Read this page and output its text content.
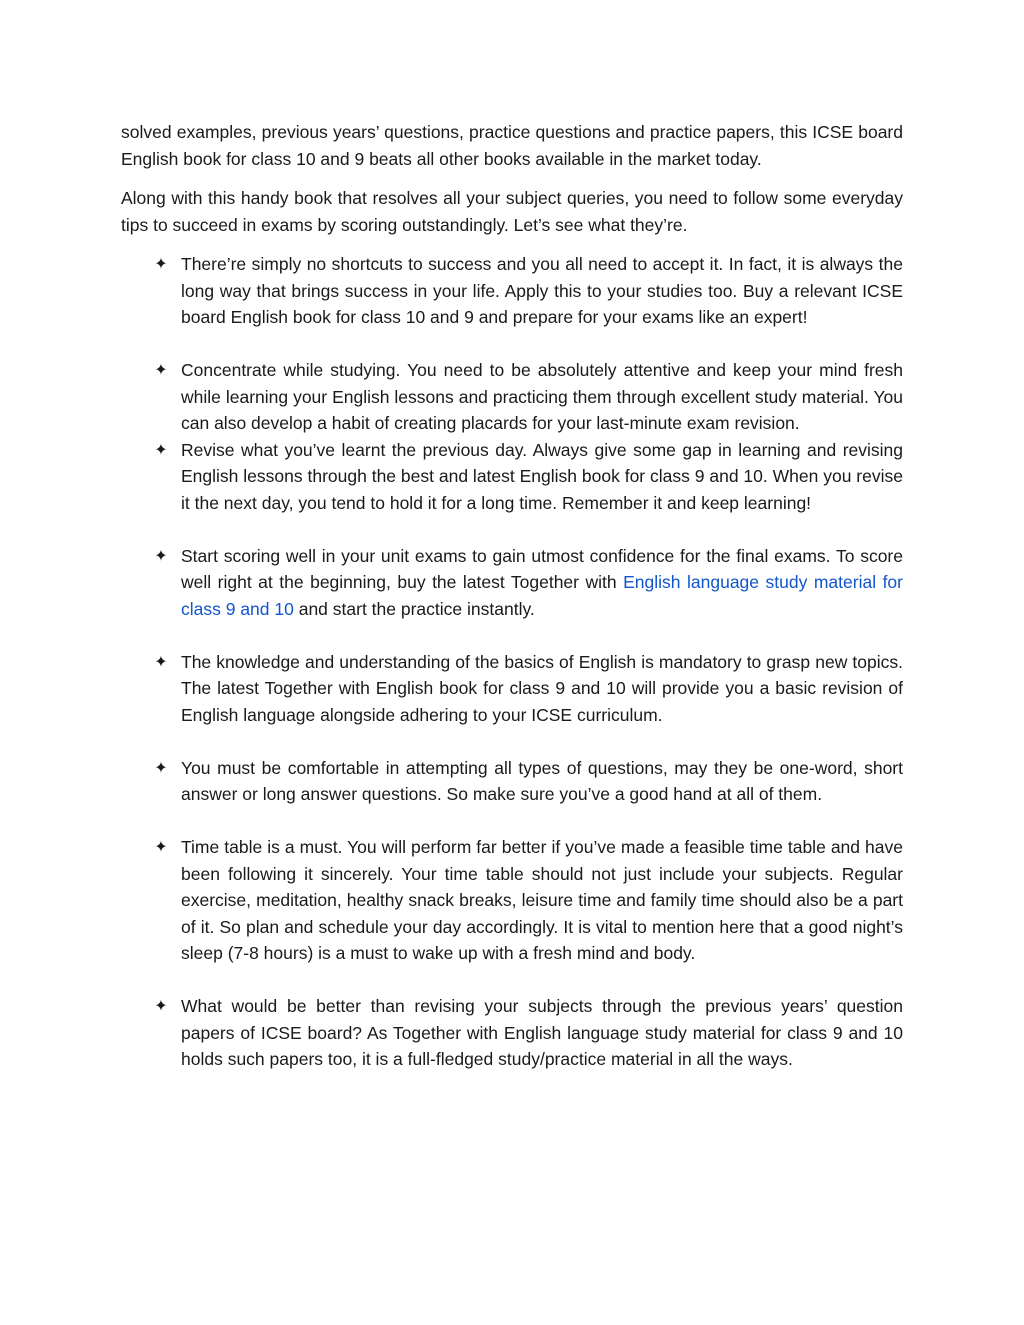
solved examples, previous years’ questions, practice questions and practice papers, this ICSE board English book for class 10 and 9 beats all other books available in the market today.

Along with this handy book that resolves all your subject queries, you need to follow some everyday tips to succeed in exams by scoring outstandingly. Let’s see what they’re.

✦ There’re simply no shortcuts to success and you all need to accept it. In fact, it is always the long way that brings success in your life. Apply this to your studies too. Buy a relevant ICSE board English book for class 10 and 9 and prepare for your exams like an expert!
✦ Concentrate while studying. You need to be absolutely attentive and keep your mind fresh while learning your English lessons and practicing them through excellent study material. You can also develop a habit of creating placards for your last-minute exam revision.
✦ Revise what you’ve learnt the previous day. Always give some gap in learning and revising English lessons through the best and latest English book for class 9 and 10. When you revise it the next day, you tend to hold it for a long time. Remember it and keep learning!
✦ Start scoring well in your unit exams to gain utmost confidence for the final exams. To score well right at the beginning, buy the latest Together with English language study material for class 9 and 10 and start the practice instantly.
✦ The knowledge and understanding of the basics of English is mandatory to grasp new topics. The latest Together with English book for class 9 and 10 will provide you a basic revision of English language alongside adhering to your ICSE curriculum.
✦ You must be comfortable in attempting all types of questions, may they be one-word, short answer or long answer questions. So make sure you’ve a good hand at all of them.
✦ Time table is a must. You will perform far better if you’ve made a feasible time table and have been following it sincerely. Your time table should not just include your subjects. Regular exercise, meditation, healthy snack breaks, leisure time and family time should also be a part of it. So plan and schedule your day accordingly. It is vital to mention here that a good night’s sleep (7-8 hours) is a must to wake up with a fresh mind and body.
✦ What would be better than revising your subjects through the previous years’ question papers of ICSE board? As Together with English language study material for class 9 and 10 holds such papers too, it is a full-fledged study/practice material in all the ways.
